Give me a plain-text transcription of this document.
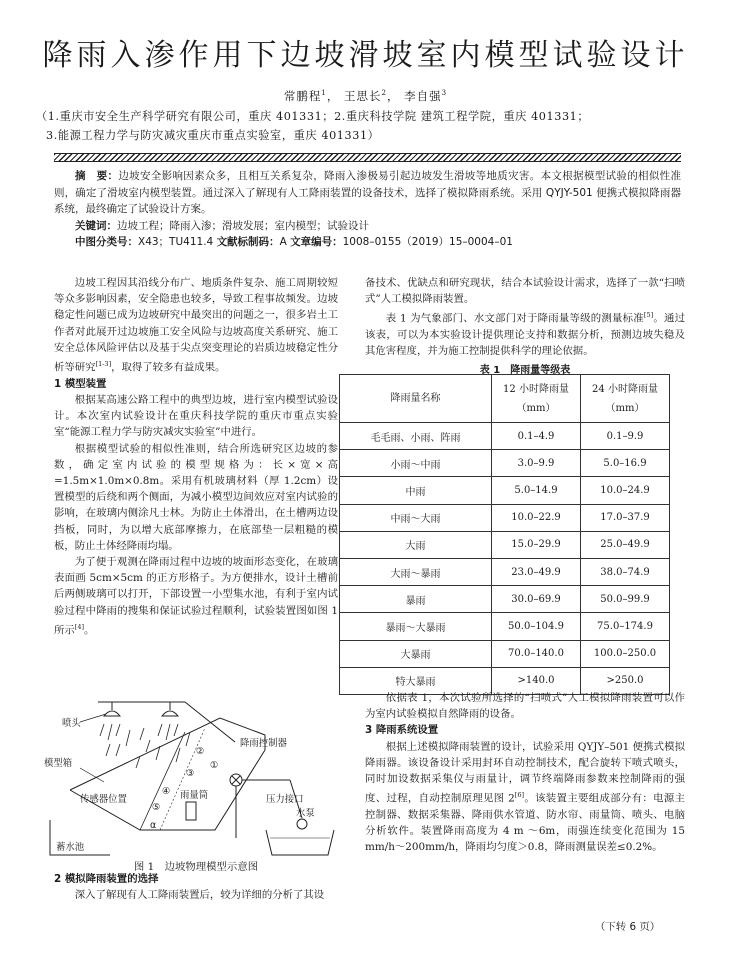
降雨入渗作用下边坡滑坡室内模型试验设计
常鹏程$^1$， 王思长$^2$， 李自强$^3$
（1.重庆市安全生产科学研究有限公司，重庆 401331；2.重庆科技学院 建筑工程学院，重庆 401331；
3.能源工程力学与防灾减灾重庆市重点实验室，重庆 401331）
摘　要：边坡安全影响因素众多，且相互关系复杂，降雨入渗极易引起边坡发生滑坡等地质灾害。本文根据模型试验的相似性准则，确定了滑坡室内模型装置。通过深入了解现有人工降雨装置的设备技术，选择了模拟降雨系统。采用 QYJY-501 便携式模拟降雨器系统，最终确定了试验设计方案。
关键词：边坡工程；降雨入渗；滑坡发展；室内模型；试验设计
中图分类号：X43；TU411.4 文献标制码：A 文章编号：1008–0155（2019）15–0004–01

边坡工程因其沿线分布广、地质条件复杂、施工周期较短等众多影响因素，安全隐患也较多，导致工程事故频发。边坡稳定性问题已成为边坡研究中最突出的问题之一，很多岩土工作者对此展开过边坡施工安全风险与边坡高度关系研究、施工安全总体风险评估以及基于尖点突变理论的岩质边坡稳定性分析等研究[1-3]，取得了较多有益成果。

1 模型装置

根据某高速公路工程中的典型边坡，进行室内模型试验设计。本次室内试验设计在重庆科技学院的重庆市重点实验室“能源工程力学与防灾减灾实验室”中进行。

根据模型试验的相似性准则，结合所选研究区边坡的参数，确定室内试验的模型规格为：长×宽×高=1.5m×1.0m×0.8m。采用有机玻璃材料（厚 1.2cm）设置模型的后绕和两个侧面，为减小模型边间效应对室内试验的影响，在玻璃内侧涂凡士林。为防止土体滑出，在土槽两边设挡板，同时，为以增大底部摩擦力，在底部垫一层粗糙的模板，防止土体经降雨均塌。

为了便于观测在降雨过程中边坡的坡面形态变化，在玻璃表面画 5cm×5cm 的正方形格子。为方便排水，设计土槽前后两侧玻璃可以打开，下部设置一小型集水池，有利于室内试验过程中降雨的搜集和保证试验过程顺利，试验装置图如图 1 所示[4]。

喷头
模型箱
②
①
③
④
⑤
α
雨量筒
传感器位置
降雨控制器
压力接口
水泵
蓄水池
图 1　边坡物理模型示意图

2 模拟降雨装置的选择

深入了解现有人工降雨装置后，较为详细的分析了其设

备技术、优缺点和研究现状，结合本试验设计需求，选择了一款“扫喷式”人工模拟降雨装置。

表 1 为气象部门、水文部门对于降雨量等级的测量标准[5]。通过该表，可以为本实验设计提供理论支持和数据分析，预测边坡失稳及其危害程度，并为施工控制提供科学的理论依据。

表 1　降雨量等级表
降雨量名称	12 小时降雨量（mm）	24 小时降雨量（mm）
毛毛雨、小雨、阵雨	0.1–4.9	0.1–9.9
小雨～中雨	3.0–9.9	5.0–16.9
中雨	5.0–14.9	10.0–24.9
中雨～大雨	10.0–22.9	17.0–37.9
大雨	15.0–29.9	25.0–49.9
大雨～暴雨	23.0–49.9	38.0–74.9
暴雨	30.0–69.9	50.0–99.9
暴雨～大暴雨	50.0–104.9	75.0–174.9
大暴雨	70.0–140.0	100.0–250.0
特大暴雨	>140.0	>250.0

依据表 1，本次试验所选择的“扫喷式”人工模拟降雨装置可以作为室内试验模拟自然降雨的设备。

3 降雨系统设置

根据上述模拟降雨装置的设计，试验采用 QYJY–501 便携式模拟降雨器。该设备设计采用封环自动控制技术，配合旋转下喷式喷头，同时加设数据采集仪与雨量计，调节终端降雨参数来控制降雨的强度、过程，自动控制原理见图 2[6]。该装置主要组成部分有：电源主控制器、数据采集器、降雨供水管道、防水帘、雨量筒、喷头、电脑分析软件。装置降雨高度为 4 m ～6m，雨强连续变化范围为 15 mm/h～200mm/h，降雨均匀度＞0.8，降雨测量误差≤0.2%。

（下转 6 页）
